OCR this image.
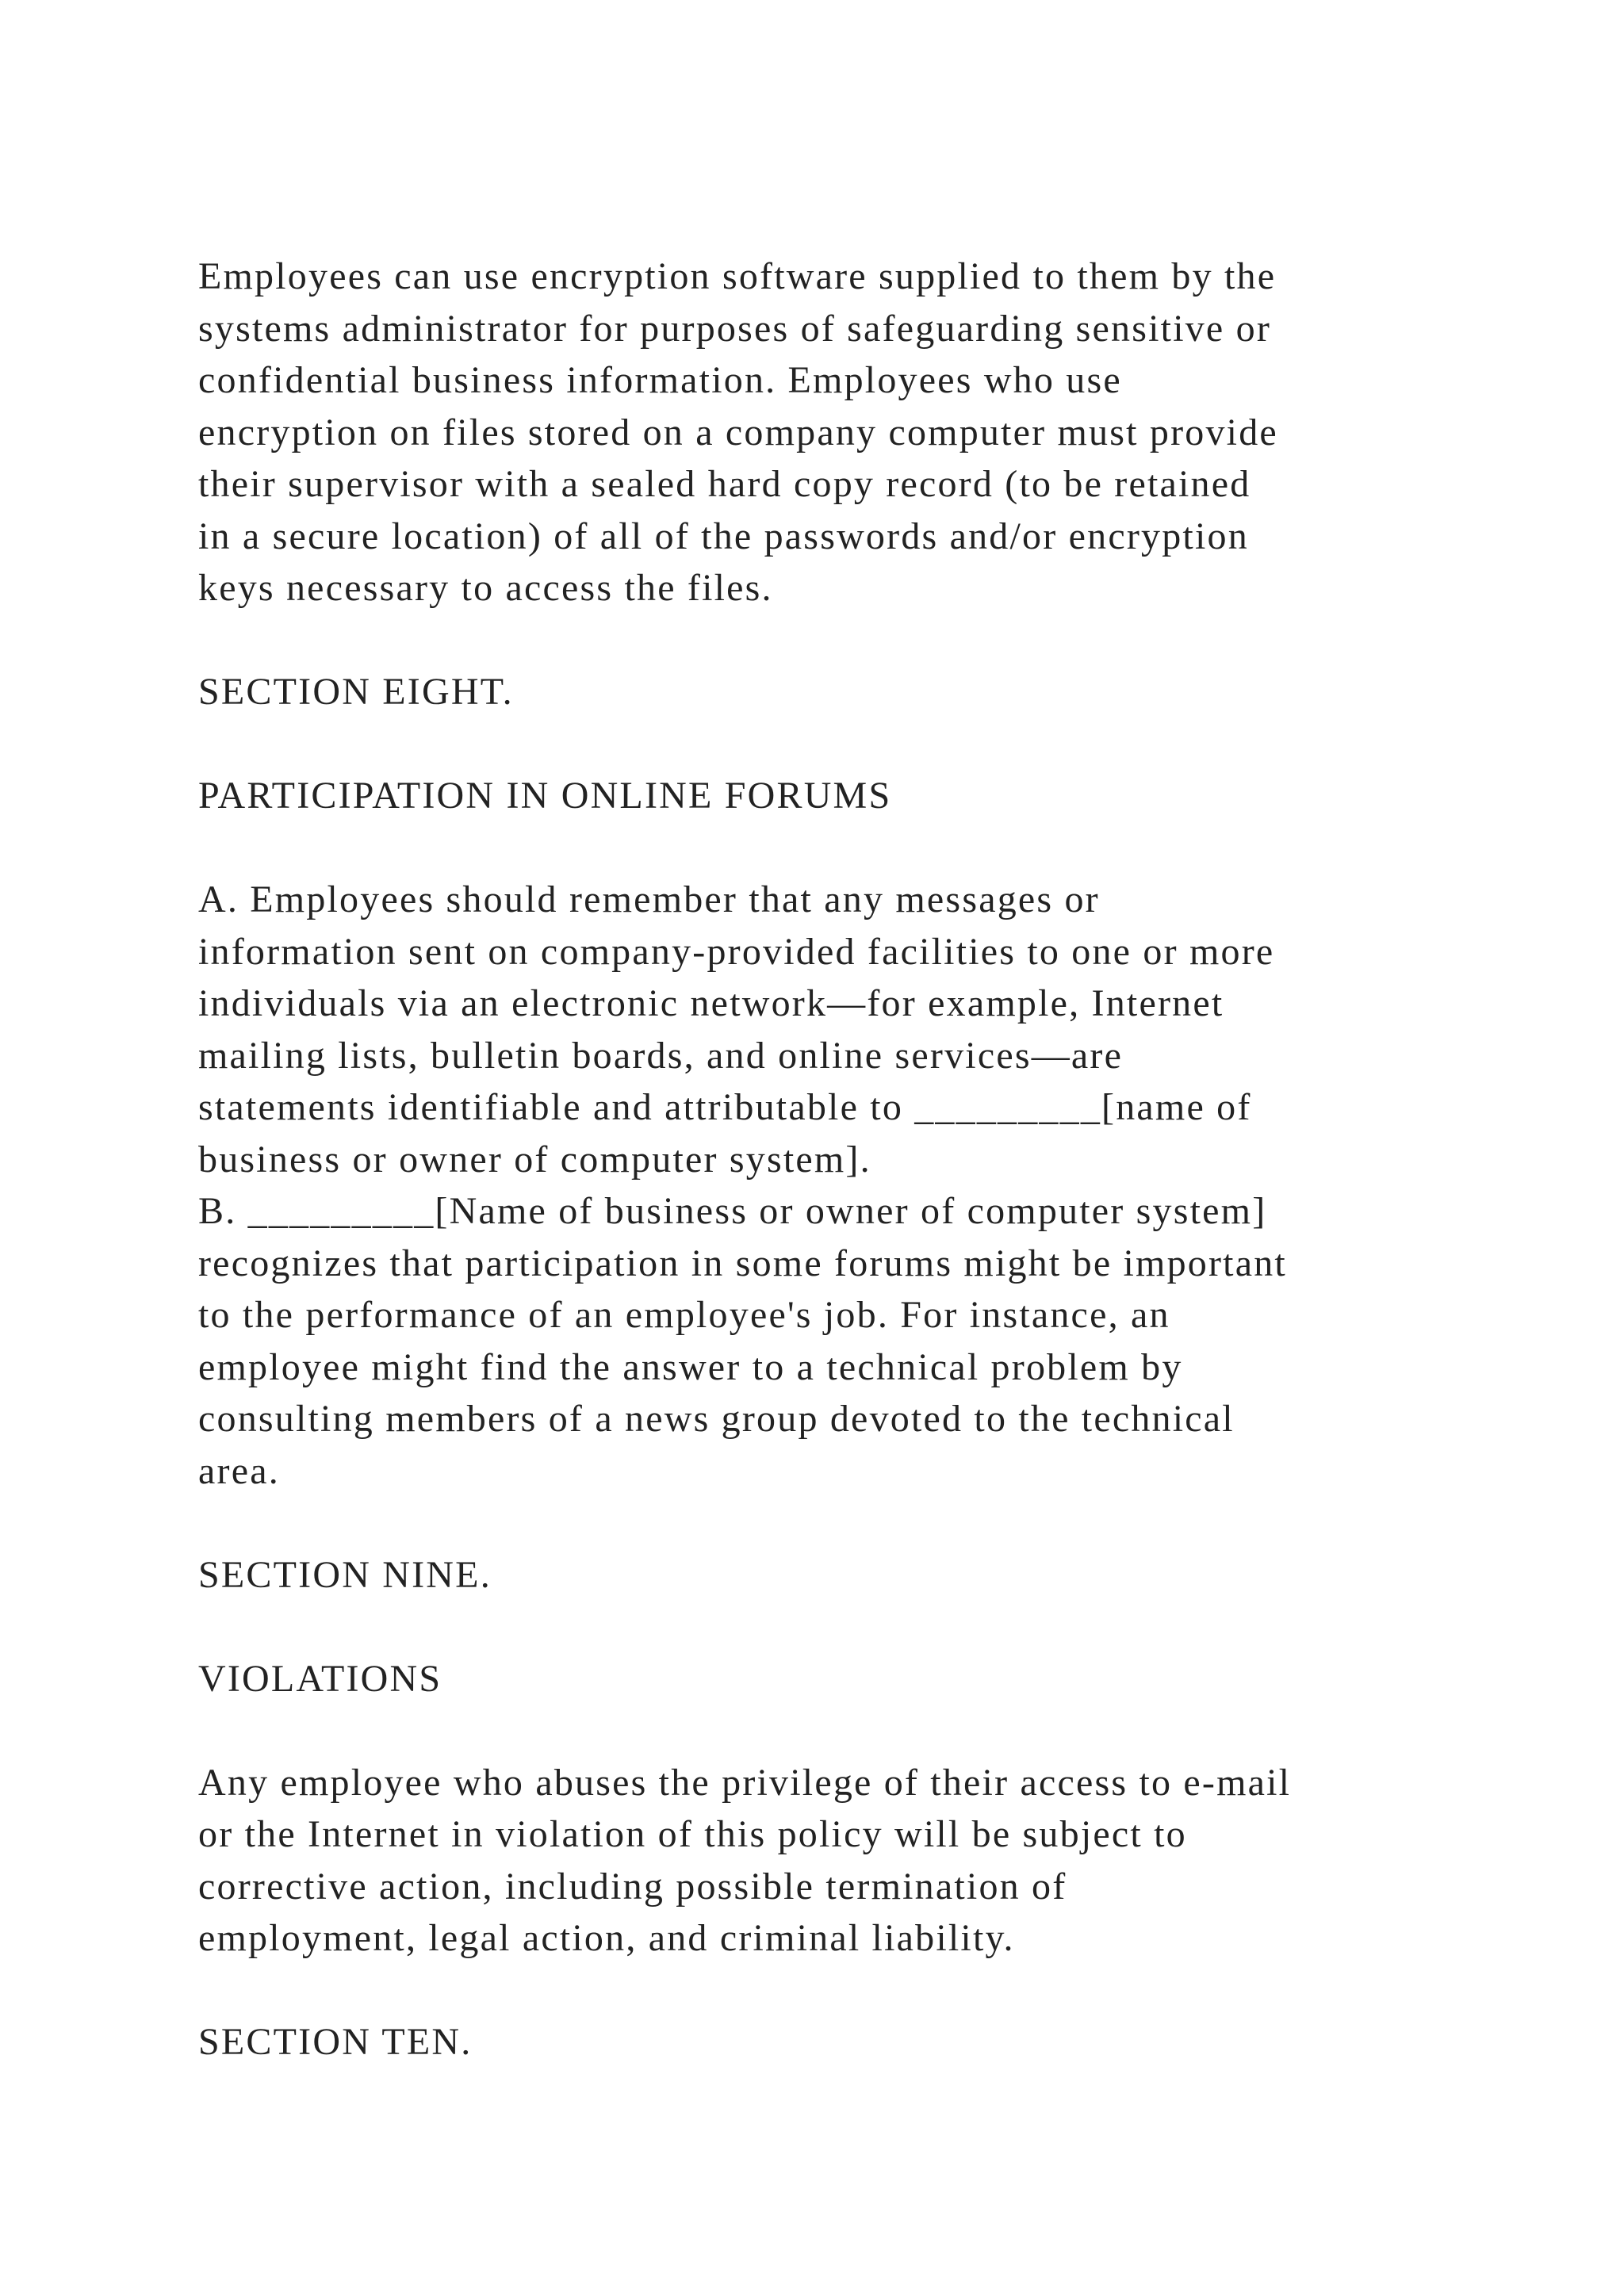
Employees can use encryption software supplied to them by the
systems administrator for purposes of safeguarding sensitive or
confidential business information. Employees who use
encryption on files stored on a company computer must provide
their supervisor with a sealed hard copy record (to be retained
in a secure location) of all of the passwords and/or encryption
keys necessary to access the files.
SECTION EIGHT.
PARTICIPATION IN ONLINE FORUMS
A. Employees should remember that any messages or
information sent on company-provided facilities to one or more
individuals via an electronic network—for example, Internet
mailing lists, bulletin boards, and online services—are
statements identifiable and attributable to _________[name of
business or owner of computer system].
B. _________[Name of business or owner of computer system]
recognizes that participation in some forums might be important
to the performance of an employee's job. For instance, an
employee might find the answer to a technical problem by
consulting members of a news group devoted to the technical
area.
SECTION NINE.
VIOLATIONS
Any employee who abuses the privilege of their access to e-mail
or the Internet in violation of this policy will be subject to
corrective action, including possible termination of
employment, legal action, and criminal liability.
SECTION TEN.
